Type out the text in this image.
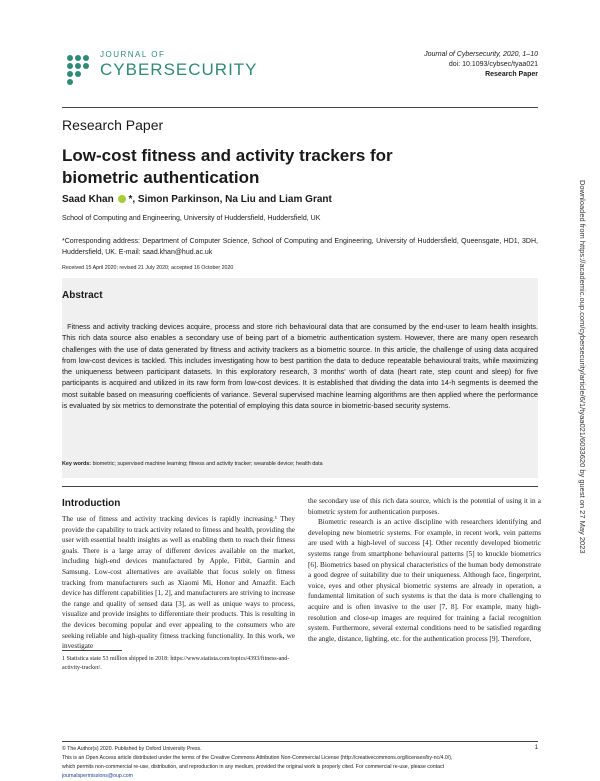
JOURNAL OF
CYBERSECURITY
Journal of Cybersecurity, 2020, 1–10
doi: 10.1093/cybsec/tyaa021
Research Paper
Research Paper
Low-cost fitness and activity trackers for biometric authentication
Saad Khan *, Simon Parkinson, Na Liu and Liam Grant
School of Computing and Engineering, University of Huddersfield, Huddersfield, UK
*Corresponding address: Department of Computer Science, School of Computing and Engineering, University of Huddersfield, Queensgate, HD1, 3DH, Huddersfield, UK. E-mail: saad.khan@hud.ac.uk
Received 15 April 2020; revised 21 July 2020; accepted 16 October 2020
Abstract
Fitness and activity tracking devices acquire, process and store rich behavioural data that are consumed by the end-user to learn health insights. This rich data source also enables a secondary use of being part of a biometric authentication system. However, there are many open research challenges with the use of data generated by fitness and activity trackers as a biometric source. In this article, the challenge of using data acquired from low-cost devices is tackled. This includes investigating how to best partition the data to deduce repeatable behavioural traits, while maximizing the uniqueness between participant datasets. In this exploratory research, 3 months' worth of data (heart rate, step count and sleep) for five participants is acquired and utilized in its raw form from low-cost devices. It is established that dividing the data into 14-h segments is deemed the most suitable based on measuring coefficients of variance. Several supervised machine learning algorithms are then applied where the performance is evaluated by six metrics to demonstrate the potential of employing this data source in biometric-based security systems.
Key words: biometric; supervised machine learning; fitness and activity tracker; wearable device; health data
Introduction

The use of fitness and activity tracking devices is rapidly increasing.¹ They provide the capability to track activity related to fitness and health, providing the user with essential health insights as well as enabling them to reach their fitness goals. There is a large array of different devices available on the market, including high-end devices manufactured by Apple, Fitbit, Garmin and Samsung. Low-cost alternatives are available that focus solely on fitness tracking from manufacturers such as Xiaomi Mi, Honor and Amazfit. Each device has different capabilities [1, 2], and manufacturers are striving to increase the range and quality of sensed data [3], as well as unique ways to process, visualize and provide insights to differentiate their products. This is resulting in the devices becoming popular and ever appealing to the consumers who are seeking reliable and high-quality fitness tracking functionality. In this work, we investigate

the secondary use of this rich data source, which is the potential of using it in a biometric system for authentication purposes.

Biometric research is an active discipline with researchers identifying and developing new biometric systems. For example, in recent work, vein patterns are used with a high-level of success [4]. Other recently developed biometric systems range from smartphone behavioural patterns [5] to knuckle biometrics [6]. Biometrics based on physical characteristics of the human body demonstrate a good degree of suitability due to their uniqueness. Although face, fingerprint, voice, eyes and other physical biometric systems are already in operation, a fundamental limitation of such systems is that the data is more challenging to acquire and is often invasive to the user [7, 8]. For example, many high-resolution and close-up images are required for training a facial recognition system. Furthermore, several external conditions need to be satisfied regarding the angle, distance, lighting, etc. for the authentication process [9]. Therefore,

1 Statistica state 53 million shipped in 2018: https://www.statista.com/topics/4393/fitness-and-activity-tracker/.
© The Author(s) 2020. Published by Oxford University Press.
This is an Open Access article distributed under the terms of the Creative Commons Attribution Non-Commercial License (http://creativecommons.org/licenses/by-nc/4.0/),
which permits non-commercial re-use, distribution, and reproduction in any medium, provided the original work is properly cited. For commercial re-use, please contact
journalspermissions@oup.com
1
Downloaded from https://academic.oup.com/cybersecurity/article/6/1/tyaa021/6033620 by guest on 27 May 2023
